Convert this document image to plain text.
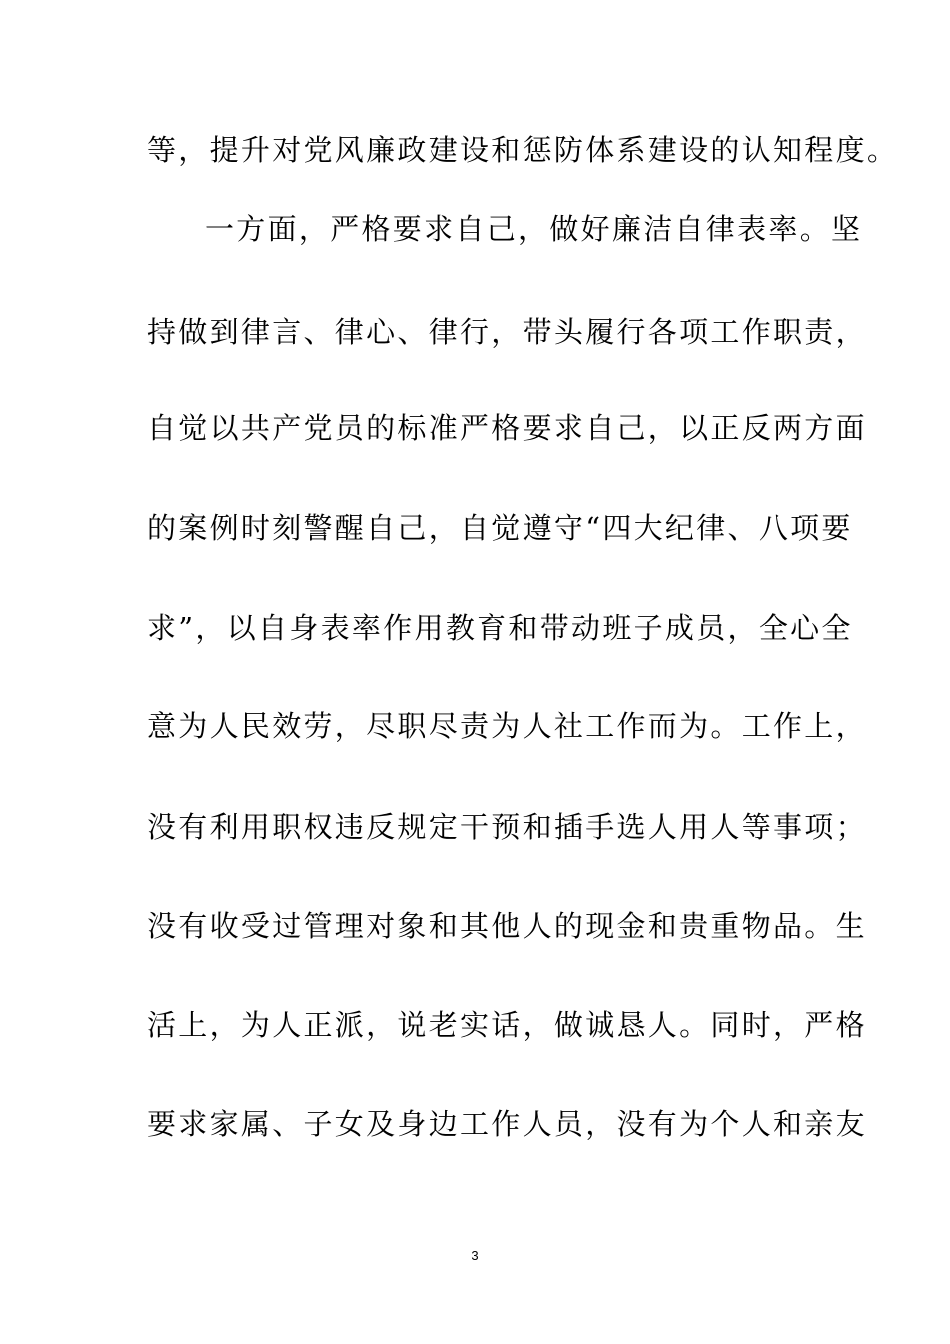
等，提升对党风廉政建设和惩防体系建设的认知程度。
一方面，严格要求自己，做好廉洁自律表率。坚
持做到律言、律心、律行，带头履行各项工作职责，
自觉以共产党员的标准严格要求自己，以正反两方面
的案例时刻警醒自己，自觉遵守“四大纪律、八项要
求”，以自身表率作用教育和带动班子成员，全心全
意为人民效劳，尽职尽责为人社工作而为。工作上，
没有利用职权违反规定干预和插手选人用人等事项；
没有收受过管理对象和其他人的现金和贵重物品。生
活上，为人正派，说老实话，做诚恳人。同时，严格
要求家属、子女及身边工作人员，没有为个人和亲友
3
